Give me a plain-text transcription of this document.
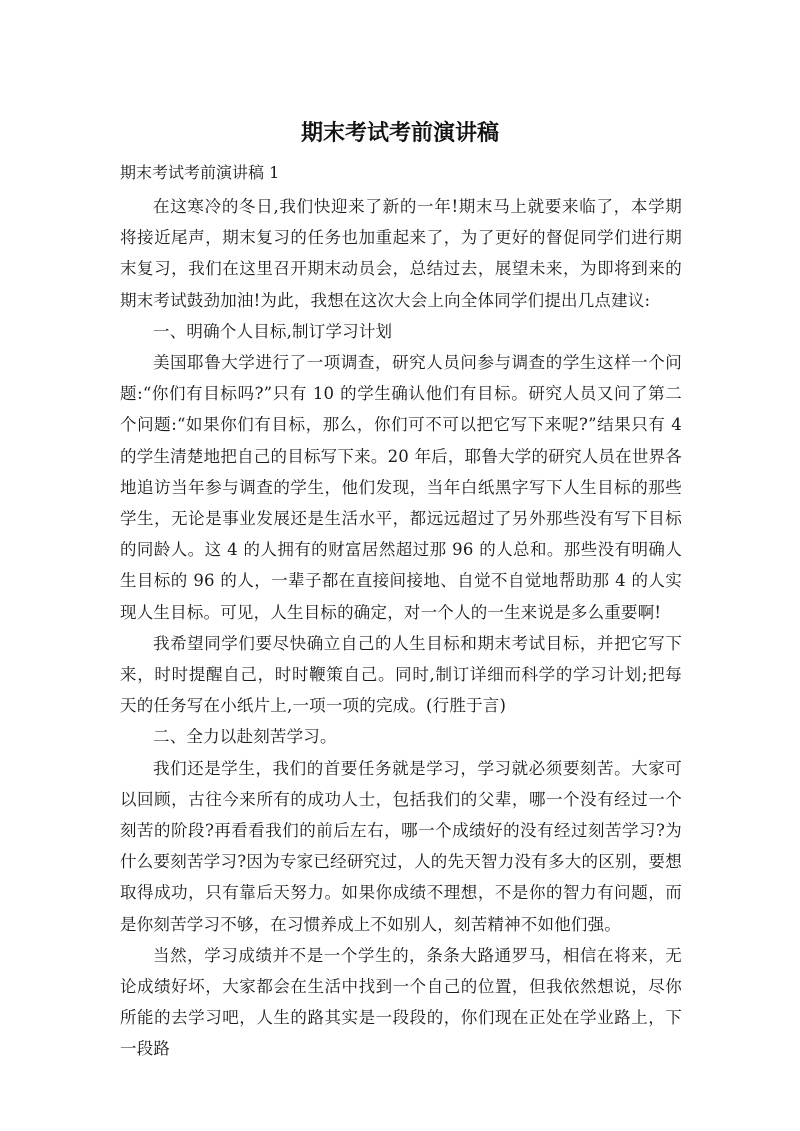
期末考试考前演讲稿

期末考试考前演讲稿 1

在这寒冷的冬日,我们快迎来了新的一年!期末马上就要来临了，本学期将接近尾声，期末复习的任务也加重起来了，为了更好的督促同学们进行期末复习，我们在这里召开期末动员会，总结过去，展望未来，为即将到来的期末考试鼓劲加油!为此，我想在这次大会上向全体同学们提出几点建议:

一、明确个人目标,制订学习计划

美国耶鲁大学进行了一项调查，研究人员问参与调查的学生这样一个问题:“你们有目标吗?”只有 10 的学生确认他们有目标。研究人员又问了第二个问题:“如果你们有目标，那么，你们可不可以把它写下来呢?”结果只有 4 的学生清楚地把自己的目标写下来。20 年后，耶鲁大学的研究人员在世界各地追访当年参与调查的学生，他们发现，当年白纸黑字写下人生目标的那些学生，无论是事业发展还是生活水平，都远远超过了另外那些没有写下目标的同龄人。这 4 的人拥有的财富居然超过那 96 的人总和。那些没有明确人生目标的 96 的人，一辈子都在直接间接地、自觉不自觉地帮助那 4 的人实现人生目标。可见，人生目标的确定，对一个人的一生来说是多么重要啊!

我希望同学们要尽快确立自己的人生目标和期末考试目标，并把它写下来，时时提醒自己，时时鞭策自己。同时,制订详细而科学的学习计划;把每天的任务写在小纸片上,一项一项的完成。(行胜于言)

二、全力以赴刻苦学习。

我们还是学生，我们的首要任务就是学习，学习就必须要刻苦。大家可以回顾，古往今来所有的成功人士，包括我们的父辈，哪一个没有经过一个刻苦的阶段?再看看我们的前后左右，哪一个成绩好的没有经过刻苦学习?为什么要刻苦学习?因为专家已经研究过，人的先天智力没有多大的区别，要想取得成功，只有靠后天努力。如果你成绩不理想，不是你的智力有问题，而是你刻苦学习不够，在习惯养成上不如别人，刻苦精神不如他们强。

当然，学习成绩并不是一个学生的，条条大路通罗马，相信在将来，无论成绩好坏，大家都会在生活中找到一个自己的位置，但我依然想说，尽你所能的去学习吧，人生的路其实是一段段的，你们现在正处在学业路上，下一段路
